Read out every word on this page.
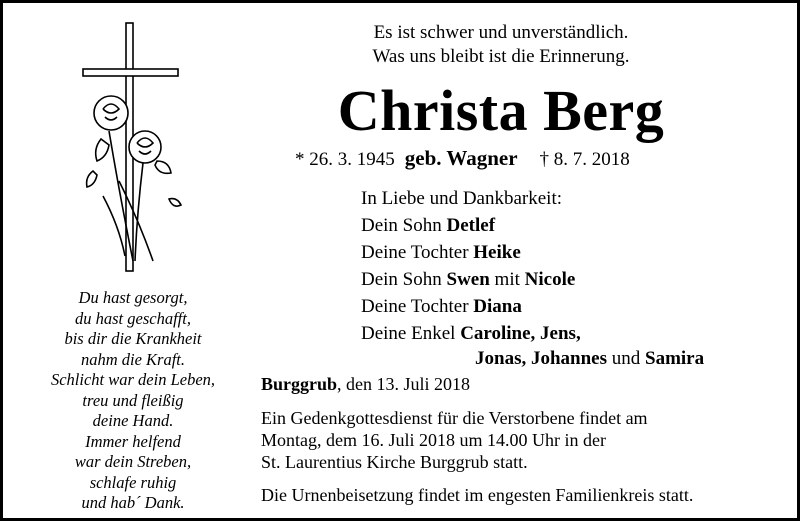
Du hast gesorgt,
du hast geschafft,
bis dir die Krankheit
nahm die Kraft.
Schlicht war dein Leben,
treu und fleißig
deine Hand.
Immer helfend
war dein Streben,
schlafe ruhig
und hab´ Dank.
Es ist schwer und unverständlich.
Was uns bleibt ist die Erinnerung.
Christa Berg
* 26. 3. 1945 geb. Wagner † 8. 7. 2018
In Liebe und Dankbarkeit:
Dein Sohn Detlef
Deine Tochter Heike
Dein Sohn Swen mit Nicole
Deine Tochter Diana
Deine Enkel Caroline, Jens,
Jonas, Johannes und Samira
Burggrub, den 13. Juli 2018
Ein Gedenkgottesdienst für die Verstorbene findet am
Montag, dem 16. Juli 2018 um 14.00 Uhr in der
St. Laurentius Kirche Burggrub statt.
Die Urnenbeisetzung findet im engesten Familienkreis statt.
